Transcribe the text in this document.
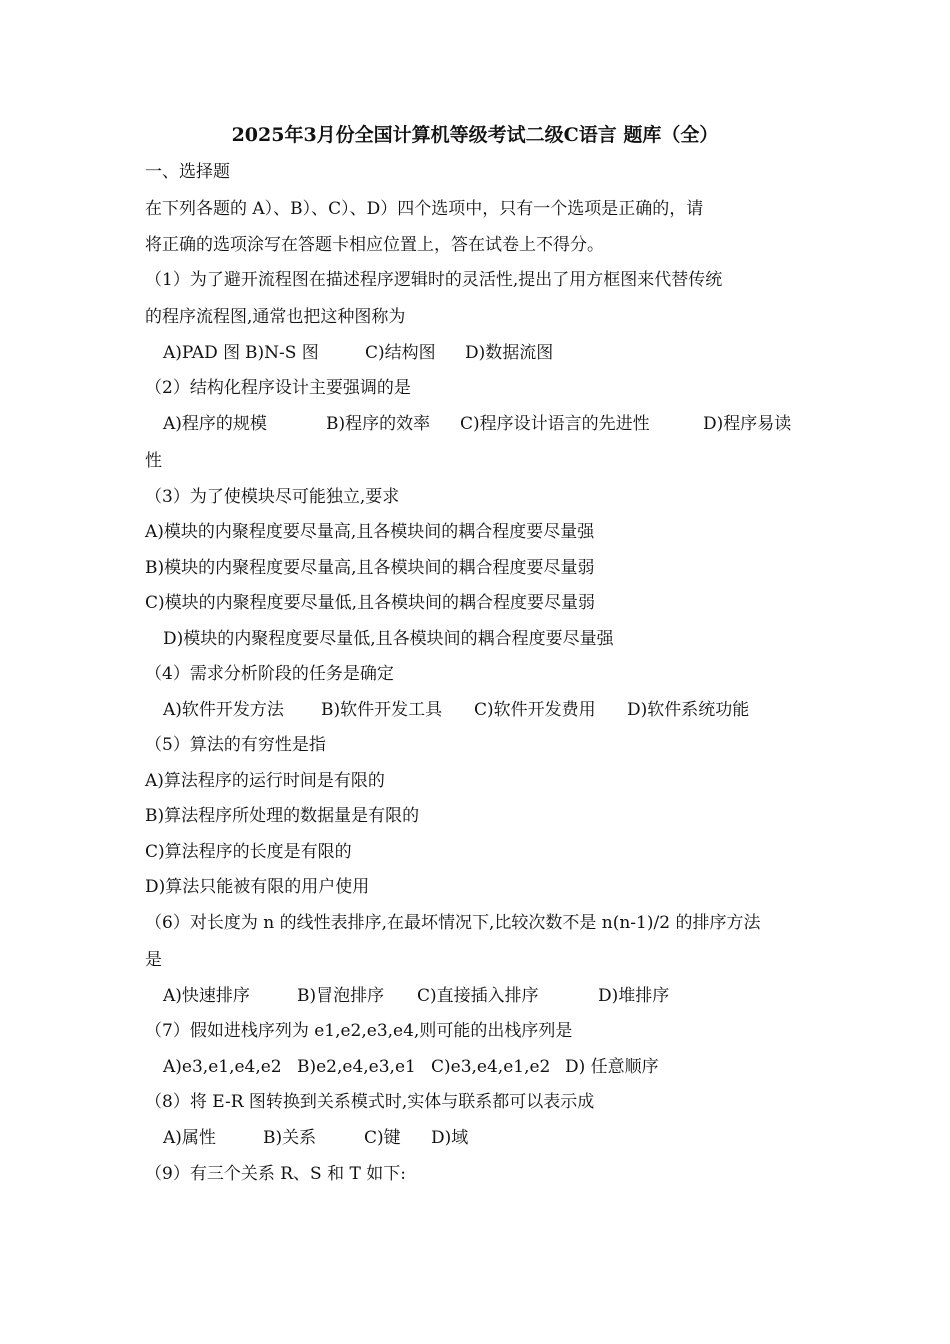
2025年3月份全国计算机等级考试二级C语言 题库（全）
一、选择题
在下列各题的 A）、B）、C）、D）四个选项中，只有一个选项是正确的，请
将正确的选项涂写在答题卡相应位置上，答在试卷上不得分。
（1）为了避开流程图在描述程序逻辑时的灵活性,提出了用方框图来代替传统
的程序流程图,通常也把这种图称为
A)PAD 图 B)N-S 图	C)结构图 D)数据流图
（2）结构化程序设计主要强调的是
A)程序的规模	B)程序的效率 C)程序设计语言的先进性	D)程序易读
性
（3）为了使模块尽可能独立,要求
A)模块的内聚程度要尽量高,且各模块间的耦合程度要尽量强
B)模块的内聚程度要尽量高,且各模块间的耦合程度要尽量弱
C)模块的内聚程度要尽量低,且各模块间的耦合程度要尽量弱
D)模块的内聚程度要尽量低,且各模块间的耦合程度要尽量强
（4）需求分析阶段的任务是确定
A)软件开发方法 B)软件开发工具 C)软件开发费用 D)软件系统功能
（5）算法的有穷性是指
A)算法程序的运行时间是有限的
B)算法程序所处理的数据量是有限的
C)算法程序的长度是有限的
D)算法只能被有限的用户使用
（6）对长度为 n 的线性表排序,在最坏情况下,比较次数不是 n(n-1)/2 的排序方法
是
A)快速排序	B)冒泡排序 C)直接插入排序	D)堆排序
（7）假如进栈序列为 e1,e2,e3,e4,则可能的出栈序列是
A)e3,e1,e4,e2 B)e2,e4,e3,e1 C)e3,e4,e1,e2 D) 任意顺序
（8）将 E-R 图转换到关系模式时,实体与联系都可以表示成
A)属性	B)关系	C)键 D)域
（9）有三个关系 R、S 和 T 如下:
